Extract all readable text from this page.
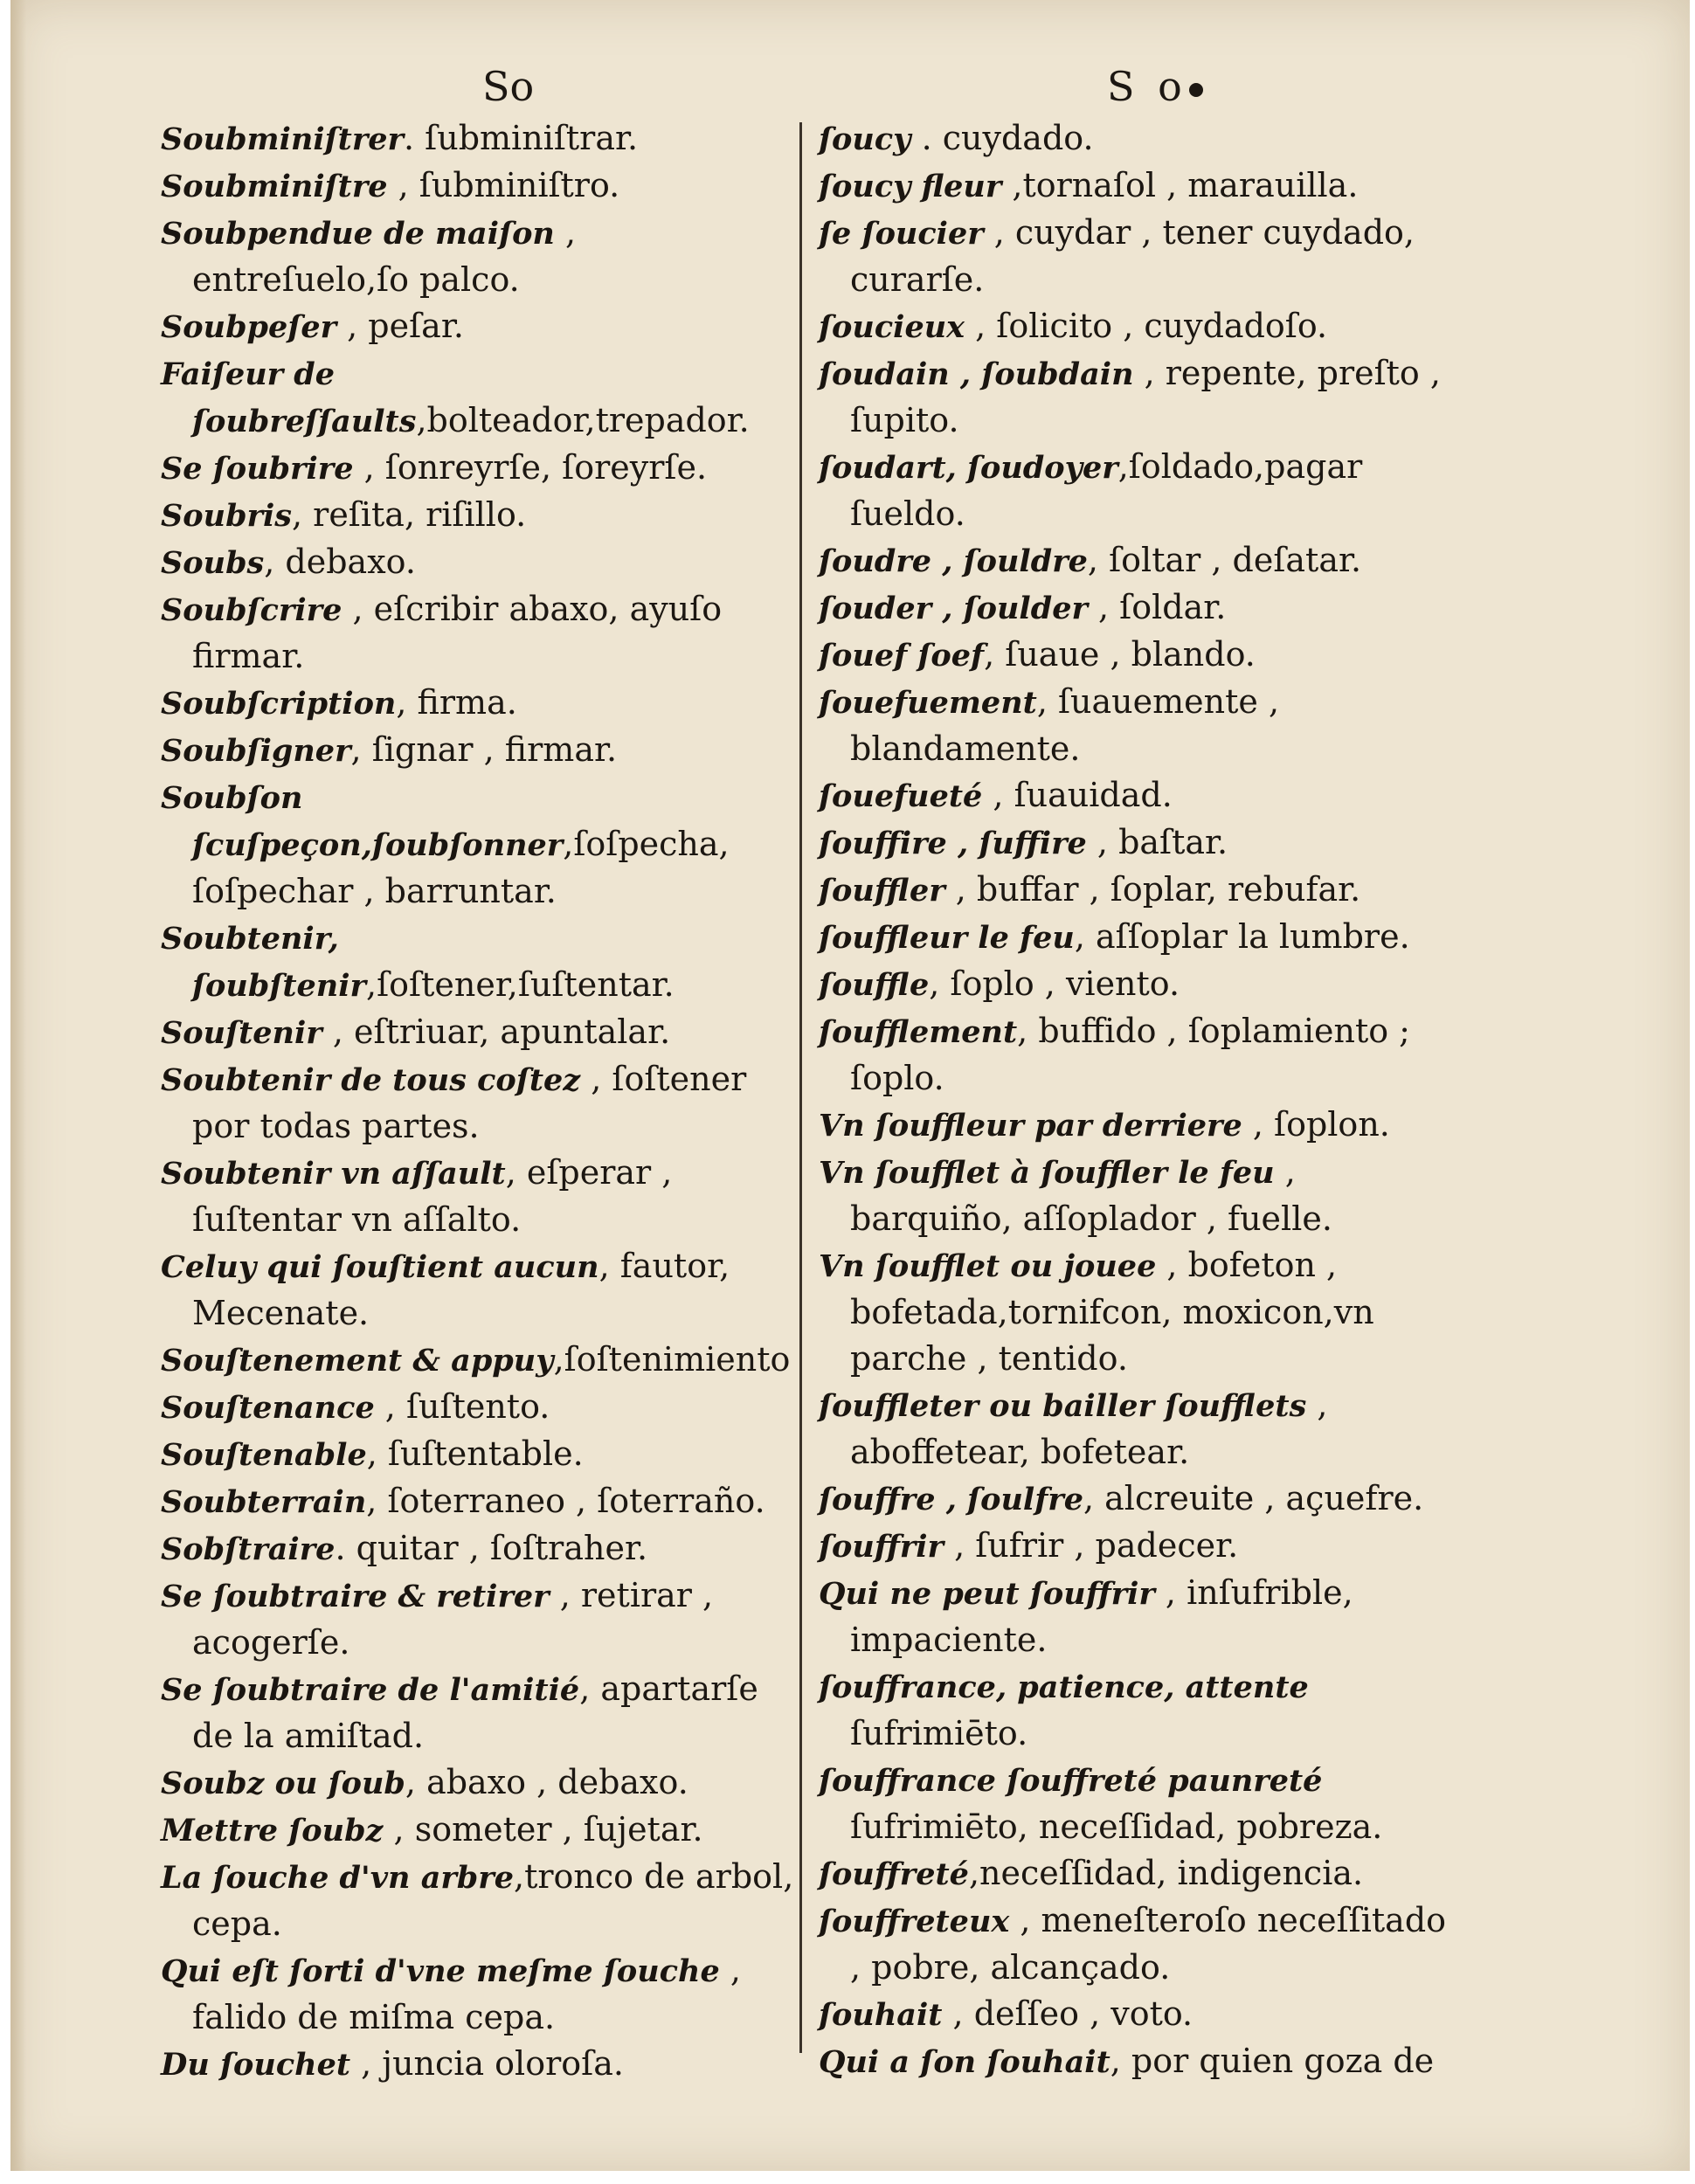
So	S o
Soubminiſtrer. ſubminiſtrar.
Soubminiſtre , ſubminiſtro.
Soubpendue de maiſon , entreſuelo,ſo palco.
Soubpeſer , peſar.
Faiſeur de ſoubreſſaults,bolteador,trepador.
Se ſoubrire , ſonreyrſe, ſoreyrſe.
Soubris, reſita, riſillo.
Soubs, debaxo.
Soubſcrire , eſcribir abaxo, ayuſo firmar.
Soubſcription, firma.
Soubſigner, ſignar , firmar.
Soubſon ſcuſpeçon,ſoubſonner,ſoſpecha, ſoſpechar , barruntar.
Soubtenir, ſoubſtenir,ſoſtener,ſuſtentar.
Souſtenir , eſtriuar, apuntalar.
Soubtenir de tous coſtez , ſoſtener por todas partes.
Soubtenir vn aſſault, eſperar , ſuſtentar vn aſſalto.
Celuy qui ſouſtient aucun, fautor, Mecenate.
Souſtenement & appuy,ſoſtenimiento
Souſtenance , ſuſtento.
Souſtenable, ſuſtentable.
Soubterrain, ſoterraneo , ſoterraño.
Sobſtraire. quitar , ſoſtraher.
Se ſoubtraire & retirer , retirar , acogerſe.
Se ſoubtraire de l'amitié, apartarſe de la amiſtad.
Soubz ou ſoub, abaxo , debaxo.
Mettre ſoubz , someter , ſujetar.
La ſouche d'vn arbre,tronco de arbol, cepa.
Qui eſt ſorti d'vne meſme ſouche , falido de miſma cepa.
Du ſouchet , juncia oloroſa.
ſoucy . cuydado.
ſoucy fleur ,tornaſol , marauilla.
ſe ſoucier , cuydar , tener cuydado, curarſe.
ſoucieux , ſolicito , cuydadoſo.
ſoudain , ſoubdain , repente, preſto , ſupito.
ſoudart, ſoudoyer,ſoldado,pagar ſueldo.
ſoudre , ſouldre, ſoltar , deſatar.
ſouder , ſoulder , ſoldar.
ſouef ſoef, ſuaue , blando.
ſouefuement, ſuauemente , blandamente.
ſouefueté , ſuauidad.
ſouffire , ſuffire , baſtar.
ſouffler , buffar , ſoplar, rebufar.
ſouffleur le feu, aſſoplar la lumbre.
ſouffle, ſoplo , viento.
ſoufflement, buffido , ſoplamiento ; ſoplo.
Vn ſouffleur par derriere , ſoplon.
Vn ſoufflet à ſouffler le feu , barquiño, aſſoplador , fuelle.
Vn ſoufflet ou jouee , bofeton , bofetada,tornifcon, moxicon,vn parche , tentido.
ſouffleter ou bailler ſoufflets , aboffetear, bofetear.
ſouffre , ſoulfre, alcreuite , açuefre.
ſouffrir , ſufrir , padecer.
Qui ne peut ſouffrir , inſufrible, impaciente.
ſouffrance, patience, attente ſufrimiēto.
ſouffrance ſouffreté paunreté ſufrimiēto, neceſſidad, pobreza.
ſouffreté,neceſſidad, indigencia.
ſouffreteux , meneſteroſo neceſſitado , pobre, alcançado.
ſouhait , deſſeo , voto.
Qui a ſon ſouhait, por quien goza de
